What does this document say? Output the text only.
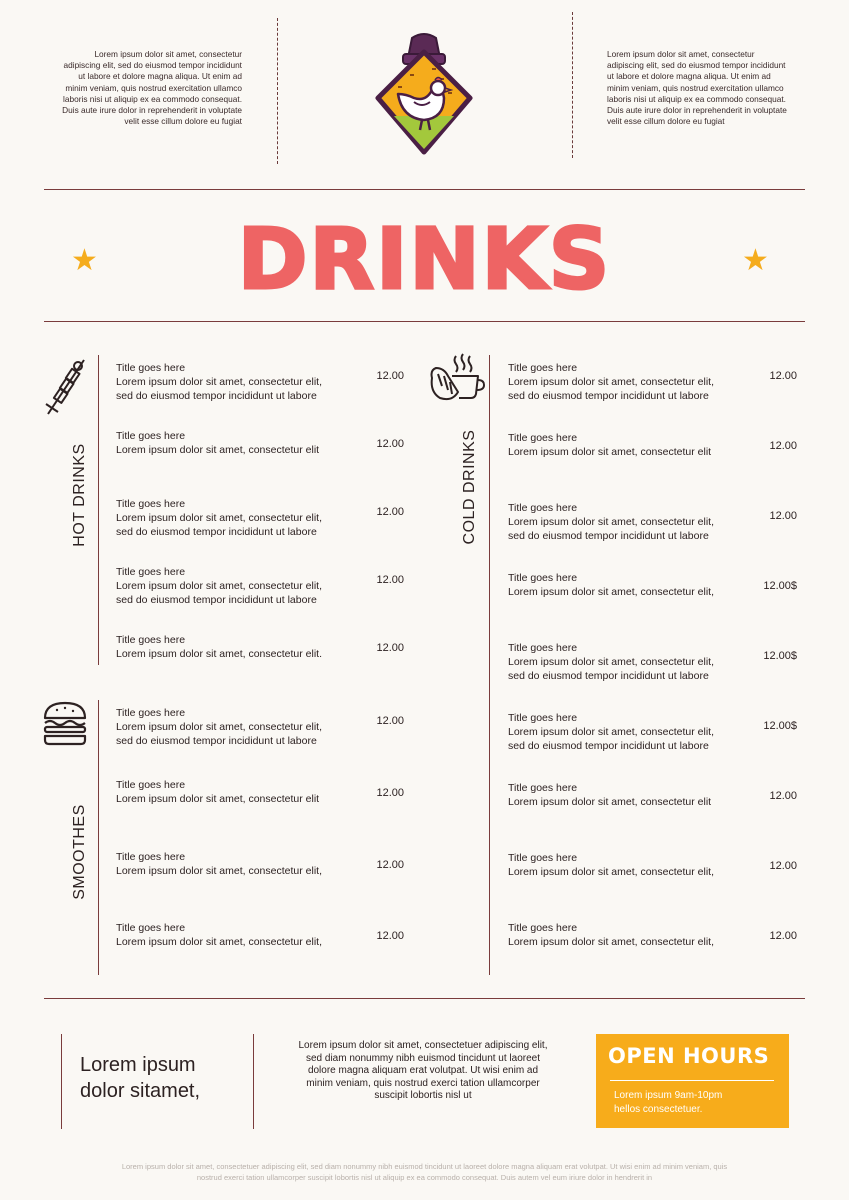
Lorem ipsum dolor sit amet, consectetur adipiscing elit, sed do eiusmod tempor incididunt ut labore et dolore magna aliqua. Ut enim ad minim veniam, quis nostrud exercitation ullamco laboris nisi ut aliquip ex ea commodo consequat. Duis aute irure dolor in reprehenderit in voluptate velit esse cillum dolore eu fugiat
Lorem ipsum dolor sit amet, consectetur adipiscing elit, sed do eiusmod tempor incididunt ut labore et dolore magna aliqua. Ut enim ad minim veniam, quis nostrud exercitation ullamco laboris nisi ut aliquip ex ea commodo consequat. Duis aute irure dolor in reprehenderit in voluptate velit esse cillum dolore eu fugiat
★	DRINKS	★
HOT DRINKS
Title goes here
Lorem ipsum dolor sit amet, consectetur elit,
sed do eiusmod tempor incididunt ut labore
12.00
Title goes here
Lorem ipsum dolor sit amet, consectetur elit	12.00
Title goes here
Lorem ipsum dolor sit amet, consectetur elit,
sed do eiusmod tempor incididunt ut labore
12.00
Title goes here
Lorem ipsum dolor sit amet, consectetur elit,
sed do eiusmod tempor incididunt ut labore
12.00
Title goes here
Lorem ipsum dolor sit amet, consectetur elit.	12.00
SMOOTHES
Title goes here
Lorem ipsum dolor sit amet, consectetur elit,
sed do eiusmod tempor incididunt ut labore
12.00
Title goes here
Lorem ipsum dolor sit amet, consectetur elit	12.00
Title goes here
Lorem ipsum dolor sit amet, consectetur elit,	12.00
Title goes here
Lorem ipsum dolor sit amet, consectetur elit,	12.00
COLD DRINKS
Title goes here
Lorem ipsum dolor sit amet, consectetur elit,
sed do eiusmod tempor incididunt ut labore
12.00
Title goes here
Lorem ipsum dolor sit amet, consectetur elit	12.00
Title goes here
Lorem ipsum dolor sit amet, consectetur elit,
sed do eiusmod tempor incididunt ut labore
12.00
Title goes here
Lorem ipsum dolor sit amet, consectetur elit,	12.00$
Title goes here
Lorem ipsum dolor sit amet, consectetur elit,
sed do eiusmod tempor incididunt ut labore
12.00$
Title goes here
Lorem ipsum dolor sit amet, consectetur elit,
sed do eiusmod tempor incididunt ut labore
12.00$
Title goes here
Lorem ipsum dolor sit amet, consectetur elit	12.00
Title goes here
Lorem ipsum dolor sit amet, consectetur elit,	12.00
Title goes here
Lorem ipsum dolor sit amet, consectetur elit,	12.00
Lorem ipsum
dolor sitamet,
Lorem ipsum dolor sit amet, consectetuer adipiscing elit,
sed diam nonummy nibh euismod tincidunt ut laoreet
dolore magna aliquam erat volutpat. Ut wisi enim ad
minim veniam, quis nostrud exerci tation ullamcorper
suscipit lobortis nisl ut
OPEN HOURS
Lorem ipsum 9am-10pm
hellos consectetuer.
Lorem ipsum dolor sit amet, consectetuer adipiscing elit, sed diam nonummy nibh euismod tincidunt ut laoreet dolore magna aliquam erat volutpat. Ut wisi enim ad minim veniam, quis
nostrud exerci tation ullamcorper suscipit lobortis nisl ut aliquip ex ea commodo consequat. Duis autem vel eum iriure dolor in hendrerit in
